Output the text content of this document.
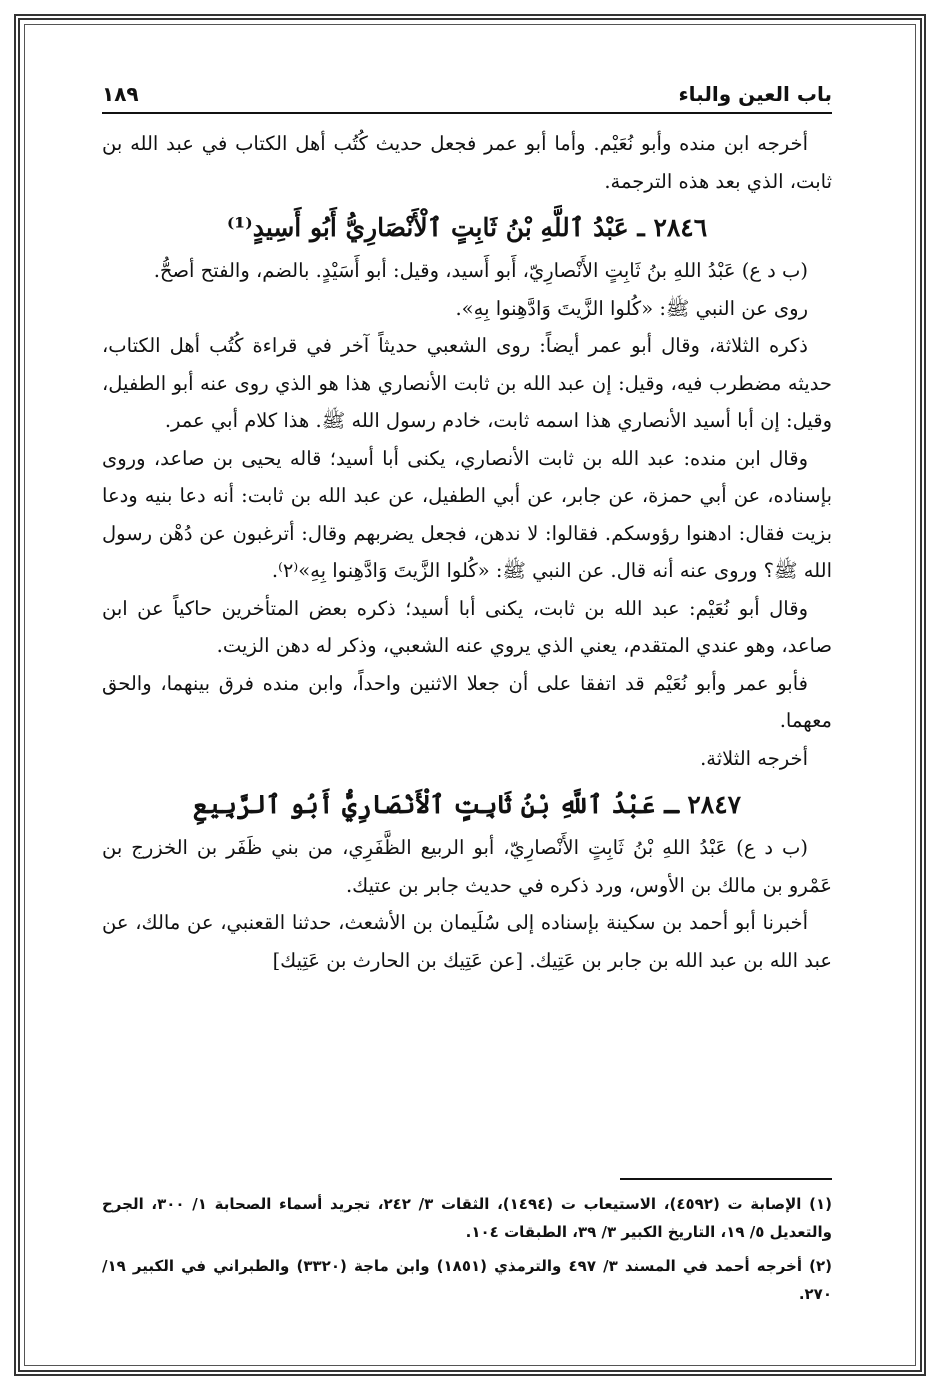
باب العين والباء
١٨٩

أخرجه ابن منده وأبو نُعَيْم. وأما أبو عمر فجعل حديث كُتُب أهل الكتاب في عبد الله بن ثابت، الذي بعد هذه الترجمة.

٢٨٤٦ ـ عَبْدُ ٱللَّهِ بْنُ ثَابِتٍ ٱلْأَنْصَارِيُّ أَبُو أَسِيدٍ⁽¹⁾

(ب د ع) عَبْدُ اللهِ بنُ ثَابِتٍ الأَنْصارِيّ، أَبو أَسيد، وقيل: أبو أَسَيْدٍ. بالضم، والفتح أصحُّ.

روى عن النبي ﷺ: «كُلوا الزَّيتَ وَادَّهِنوا بِهِ».

ذكره الثلاثة، وقال أبو عمر أيضاً: روى الشعبي حديثاً آخر في قراءة كُتُب أهل الكتاب، حديثه مضطرب فيه، وقيل: إن عبد الله بن ثابت الأنصاري هذا هو الذي روى عنه أبو الطفيل، وقيل: إن أبا أسيد الأنصاري هذا اسمه ثابت، خادم رسول الله ﷺ. هذا كلام أبي عمر.

وقال ابن منده: عبد الله بن ثابت الأنصاري، يكنى أبا أسيد؛ قاله يحيى بن صاعد، وروى بإسناده، عن أبي حمزة، عن جابر، عن أبي الطفيل، عن عبد الله بن ثابت: أنه دعا بنيه ودعا بزيت فقال: ادهنوا رؤوسكم. فقالوا: لا ندهن، فجعل يضربهم وقال: أترغبون عن دُهْن رسول الله ﷺ؟ وروى عنه أنه قال. عن النبي ﷺ: «كُلوا الزَّيتَ وَادَّهِنوا بِهِ»⁽٢⁾.

وقال أبو نُعَيْم: عبد الله بن ثابت، يكنى أبا أسيد؛ ذكره بعض المتأخرين حاكياً عن ابن صاعد، وهو عندي المتقدم، يعني الذي يروي عنه الشعبي، وذكر له دهن الزيت.

فأبو عمر وأبو نُعَيْم قد اتفقا على أن جعلا الاثنين واحداً، وابن منده فرق بينهما، والحق معهما.

أخرجه الثلاثة.

٢٨٤٧ ـ عَبْدُ ٱللَّهِ بْنُ ثَابِتٍ ٱلْأَنْصَارِيُّ أَبُو ٱلرَّبِيعِ

(ب د ع) عَبْدُ اللهِ بْنُ ثَابِتٍ الأَنْصارِيّ، أبو الربيع الظَّفَرِي، من بني ظَفَر بن الخزرج بن عَمْرو بن مالك بن الأوس، ورد ذكره في حديث جابر بن عتيك.

أخبرنا أبو أحمد بن سكينة بإسناده إلى سُلَيمان بن الأشعث، حدثنا القعنبي، عن مالك، عن عبد الله بن عبد الله بن جابر بن عَتِيك. [عن عَتِيك بن الحارث بن عَتِيك]

(١) الإصابة ت (٤٥٩٢)، الاستيعاب ت (١٤٩٤)، الثقات ٣/ ٢٤٢، تجريد أسماء الصحابة ١/ ٣٠٠، الجرح والتعديل ٥/ ١٩، التاريخ الكبير ٣/ ٣٩، الطبقات ١٠٤.

(٢) أخرجه أحمد في المسند ٣/ ٤٩٧ والترمذي (١٨٥١) وابن ماجة (٣٣٢٠) والطبراني في الكبير ١٩/ ٢٧٠.
